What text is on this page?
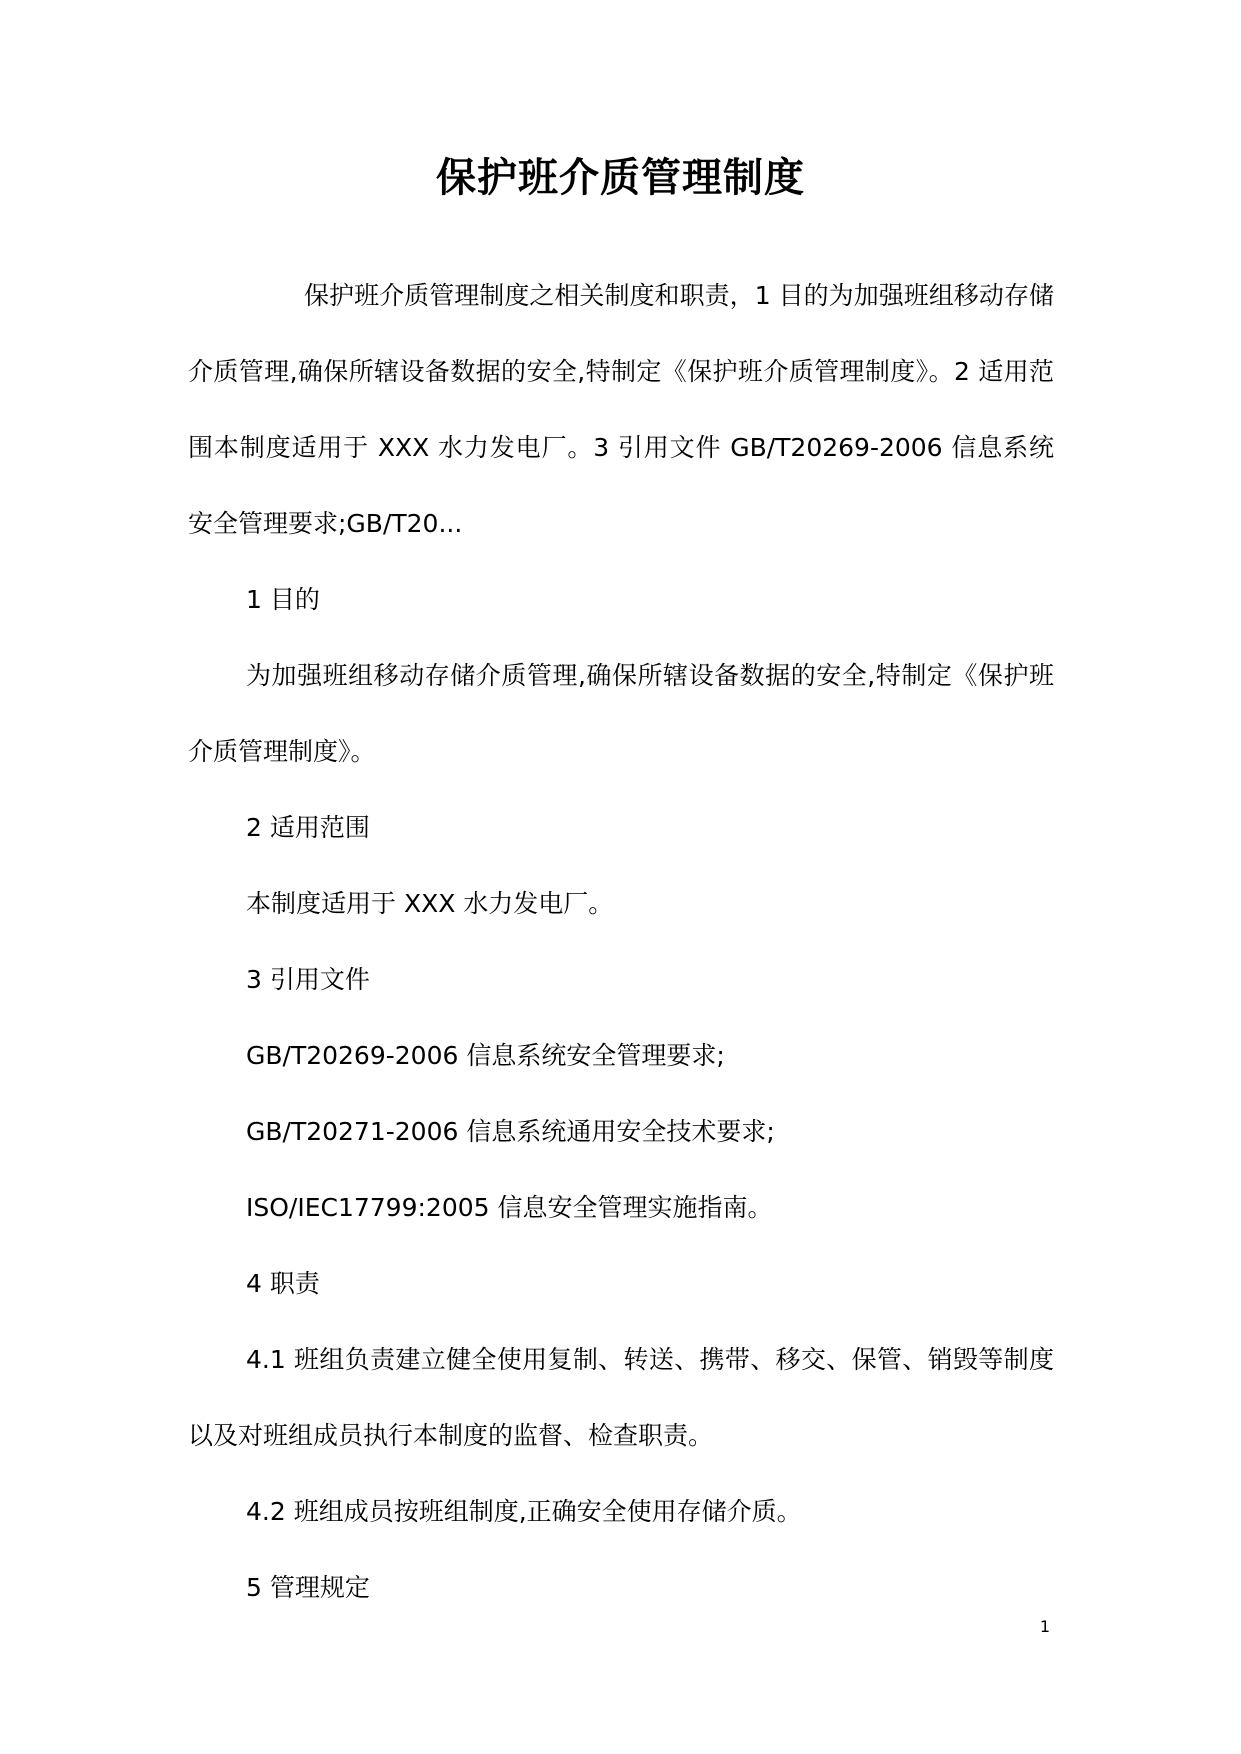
保护班介质管理制度

保护班介质管理制度之相关制度和职责，1 目的为加强班组移动存储介质管理,确保所辖设备数据的安全,特制定《保护班介质管理制度》。2 适用范围本制度适用于 XXX 水力发电厂。3 引用文件 GB/T20269-2006 信息系统安全管理要求;GB/T20...

1 目的

为加强班组移动存储介质管理,确保所辖设备数据的安全,特制定《保护班介质管理制度》。

2 适用范围

本制度适用于 XXX 水力发电厂。

3 引用文件

GB/T20269-2006 信息系统安全管理要求;

GB/T20271-2006 信息系统通用安全技术要求;

ISO/IEC17799:2005 信息安全管理实施指南。

4 职责

4.1 班组负责建立健全使用复制、转送、携带、移交、保管、销毁等制度以及对班组成员执行本制度的监督、检查职责。

4.2 班组成员按班组制度,正确安全使用存储介质。

5 管理规定

1
